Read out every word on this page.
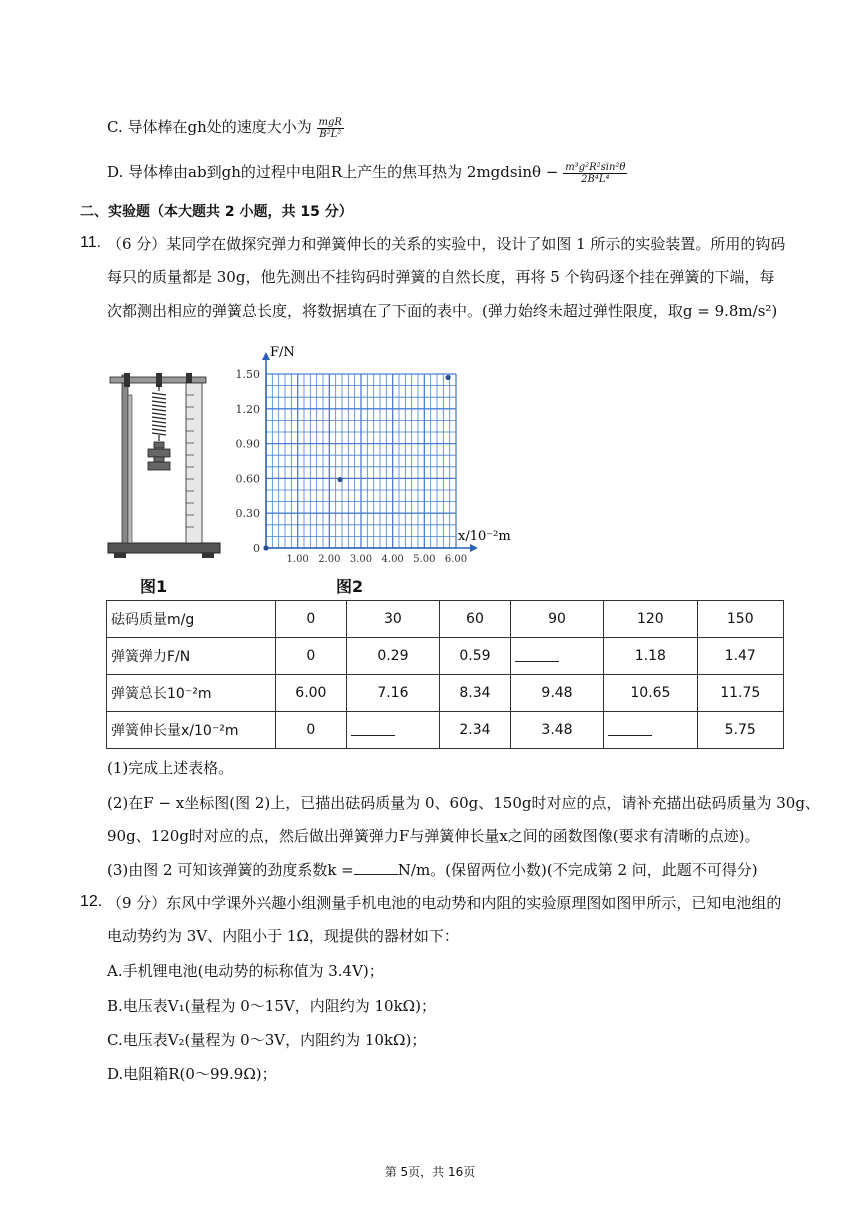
C. 导体棒在gh处的速度大小为 $\frac{\text{mgR}}{\text{B²L²}}$
D. 导体棒由ab到gh的过程中电阻R上产生的焦耳热为 $2mgdsin\theta - \frac{\text{m³g²R²sin²θ}}{\text{2B⁴L⁴}}$
二、实验题（本大题共 2 小题，共 15 分）
11. （6 分）某同学在做探究弹力和弹簧伸长的关系的实验中，设计了如图 1 所示的实验装置。所用的钩码
每只的质量都是 30g，他先测出不挂钩码时弹簧的自然长度，再将 5 个钩码逐个挂在弹簧的下端，每
次都测出相应的弹簧总长度，将数据填在了下面的表中。(弹力始终未超过弹性限度，取g = 9.8m/s²)
图1
0
0.30
0.60
0.90
1.20
1.50
1.00 2.00 3.00 4.00 5.00 6.00
F/N
x/10⁻²m
图2
砝码质量m/g	0	30	60	90	120	150
弹簧弹力F/N	0	0.29	0.59		1.18	1.47
弹簧总长10⁻²m	6.00	7.16	8.34	9.48	10.65	11.75
弹簧伸长量x/10⁻²m	0		2.34	3.48		5.75
(1)完成上述表格。
(2)在F − x坐标图(图 2)上，已描出砝码质量为 0、60g、150g时对应的点，请补充描出砝码质量为 30g、
90g、120g时对应的点，然后做出弹簧弹力F与弹簧伸长量x之间的函数图像(要求有清晰的点迹)。
(3)由图 2 可知该弹簧的劲度系数k =	N/m。(保留两位小数)(不完成第 2 问，此题不可得分)
12. （9 分）东风中学课外兴趣小组测量手机电池的电动势和内阻的实验原理图如图甲所示，已知电池组的
电动势约为 3V、内阻小于 1Ω，现提供的器材如下：
A.手机锂电池(电动势的标称值为 3.4V)；
B.电压表V₁(量程为 0～15V，内阻约为 10kΩ)；
C.电压表V₂(量程为 0～3V，内阻约为 10kΩ)；
D.电阻箱R(0～99.9Ω)；
第 5页，共 16页
